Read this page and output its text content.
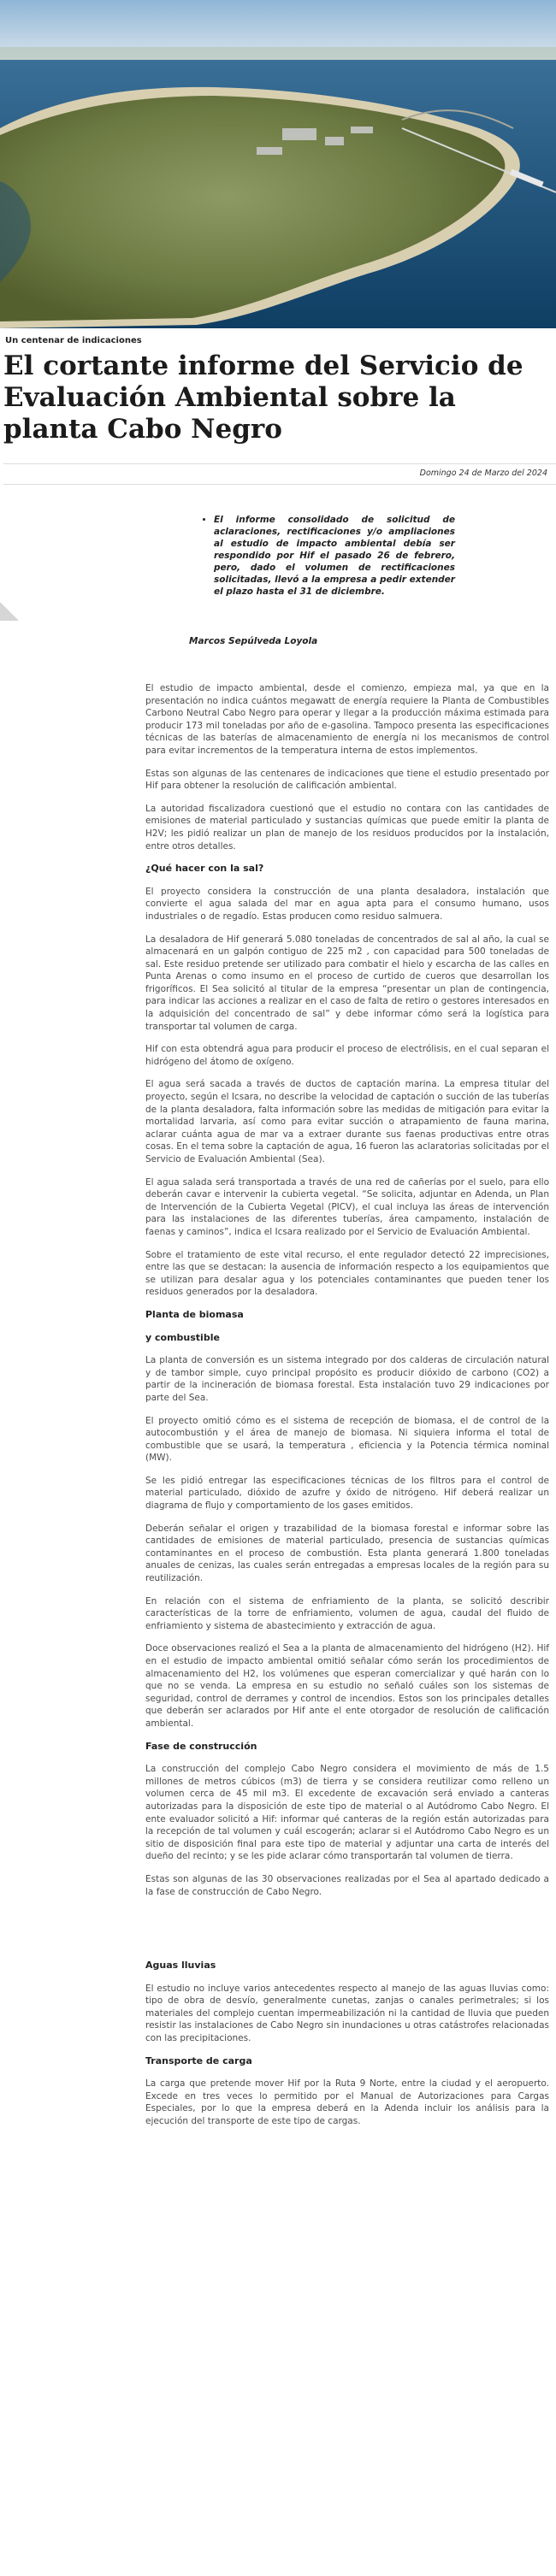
Un centenar de indicaciones
El cortante informe del Servicio de Evaluación Ambiental sobre la planta Cabo Negro
Domingo 24 de Marzo del 2024
• El informe consolidado de solicitud de aclaraciones, rectificaciones y/o ampliaciones al estudio de impacto ambiental debía ser respondido por Hif el pasado 26 de febrero, pero, dado el volumen de rectificaciones solicitadas, llevó a la empresa a pedir extender el plazo hasta el 31 de diciembre.
Marcos Sepúlveda Loyola

El estudio de impacto ambiental, desde el comienzo, empieza mal, ya que en la presentación no indica cuántos megawatt de energía requiere la Planta de Combustibles Carbono Neutral Cabo Negro para operar y llegar a la producción máxima estimada para producir 173 mil toneladas por año de e-gasolina. Tampoco presenta las especificaciones técnicas de las baterías de almacenamiento de energía ni los mecanismos de control para evitar incrementos de la temperatura interna de estos implementos.

Estas son algunas de las centenares de indicaciones que tiene el estudio presentado por Hif para obtener la resolución de calificación ambiental.

La autoridad fiscalizadora cuestionó que el estudio no contara con las cantidades de emisiones de material particulado y sustancias químicas que puede emitir la planta de H2V; les pidió realizar un plan de manejo de los residuos producidos por la instalación, entre otros detalles.

¿Qué hacer con la sal?

El proyecto considera la construcción de una planta desaladora, instalación que convierte el agua salada del mar en agua apta para el consumo humano, usos industriales o de regadío. Estas producen como residuo salmuera.

La desaladora de Hif generará 5.080 toneladas de concentrados de sal al año, la cual se almacenará en un galpón contiguo de 225 m2 , con capacidad para 500 toneladas de sal. Este residuo pretende ser utilizado para combatir el hielo y escarcha de las calles en Punta Arenas o como insumo en el proceso de curtido de cueros que desarrollan los frigoríficos. El Sea solicitó al titular de la empresa “presentar un plan de contingencia, para indicar las acciones a realizar en el caso de falta de retiro o gestores interesados en la adquisición del concentrado de sal” y debe informar cómo será la logística para transportar tal volumen de carga.

Hif con esta obtendrá agua para producir el proceso de electrólisis, en el cual separan el hidrógeno del átomo de oxígeno.

El agua será sacada a través de ductos de captación marina. La empresa titular del proyecto, según el Icsara, no describe la velocidad de captación o succión de las tuberías de la planta desaladora, falta información sobre las medidas de mitigación para evitar la mortalidad larvaria, así como para evitar succión o atrapamiento de fauna marina, aclarar cuánta agua de mar va a extraer durante sus faenas productivas entre otras cosas. En el tema sobre la captación de agua, 16 fueron las aclaratorias solicitadas por el Servicio de Evaluación Ambiental (Sea).

El agua salada será transportada a través de una red de cañerías por el suelo, para ello deberán cavar e intervenir la cubierta vegetal. “Se solicita, adjuntar en Adenda, un Plan de Intervención de la Cubierta Vegetal (PICV), el cual incluya las áreas de intervención para las instalaciones de las diferentes tuberías, área campamento, instalación de faenas y caminos”, indica el Icsara realizado por el Servicio de Evaluación Ambiental.

Sobre el tratamiento de este vital recurso, el ente regulador detectó 22 imprecisiones, entre las que se destacan: la ausencia de información respecto a los equipamientos que se utilizan para desalar agua y los potenciales contaminantes que pueden tener los residuos generados por la desaladora.

Planta de biomasa
y combustible

La planta de conversión es un sistema integrado por dos calderas de circulación natural y de tambor simple, cuyo principal propósito es producir dióxido de carbono (CO2) a partir de la incineración de biomasa forestal. Esta instalación tuvo 29 indicaciones por parte del Sea.

El proyecto omitió cómo es el sistema de recepción de biomasa, el de control de la autocombustión y el área de manejo de biomasa. Ni siquiera informa el total de combustible que se usará, la temperatura , eficiencia y la Potencia térmica nominal (MW).

Se les pidió entregar las especificaciones técnicas de los filtros para el control de material particulado, dióxido de azufre y óxido de nitrógeno. Hif deberá realizar un diagrama de flujo y comportamiento de los gases emitidos.

Deberán señalar el origen y trazabilidad de la biomasa forestal e informar sobre las cantidades de emisiones de material particulado, presencia de sustancias químicas contaminantes en el proceso de combustión. Esta planta generará 1.800 toneladas anuales de cenizas, las cuales serán entregadas a empresas locales de la región para su reutilización.

En relación con el sistema de enfriamiento de la planta, se solicitó describir características de la torre de enfriamiento, volumen de agua, caudal del fluido de enfriamiento y sistema de abastecimiento y extracción de agua.

Doce observaciones realizó el Sea a la planta de almacenamiento del hidrógeno (H2). Hif en el estudio de impacto ambiental omitió señalar cómo serán los procedimientos de almacenamiento del H2, los volúmenes que esperan comercializar y qué harán con lo que no se venda. La empresa en su estudio no señaló cuáles son los sistemas de seguridad, control de derrames y control de incendios. Estos son los principales detalles que deberán ser aclarados por Hif ante el ente otorgador de resolución de calificación ambiental.

Fase de construcción

La construcción del complejo Cabo Negro considera el movimiento de más de 1.5 millones de metros cúbicos (m3) de tierra y se considera reutilizar como relleno un volumen cerca de 45 mil m3. El excedente de excavación será enviado a canteras autorizadas para la disposición de este tipo de material o al Autódromo Cabo Negro. El ente evaluador solicitó a Hif: informar qué canteras de la región están autorizadas para la recepción de tal volumen y cuál escogerán; aclarar si el Autódromo Cabo Negro es un sitio de disposición final para este tipo de material y adjuntar una carta de interés del dueño del recinto; y se les pide aclarar cómo transportarán tal volumen de tierra.

Estas son algunas de las 30 observaciones realizadas por el Sea al apartado dedicado a la fase de construcción de Cabo Negro.

Aguas lluvias

El estudio no incluye varios antecedentes respecto al manejo de las aguas lluvias como: tipo de obra de desvío, generalmente cunetas, zanjas o canales perimetrales; si los materiales del complejo cuentan impermeabilización ni la cantidad de lluvia que pueden resistir las instalaciones de Cabo Negro sin inundaciones u otras catástrofes relacionadas con las precipitaciones.

Transporte de carga

La carga que pretende mover Hif por la Ruta 9 Norte, entre la ciudad y el aeropuerto. Excede en tres veces lo permitido por el Manual de Autorizaciones para Cargas Especiales, por lo que la empresa deberá en la Adenda incluir los análisis para la ejecución del transporte de este tipo de cargas.
